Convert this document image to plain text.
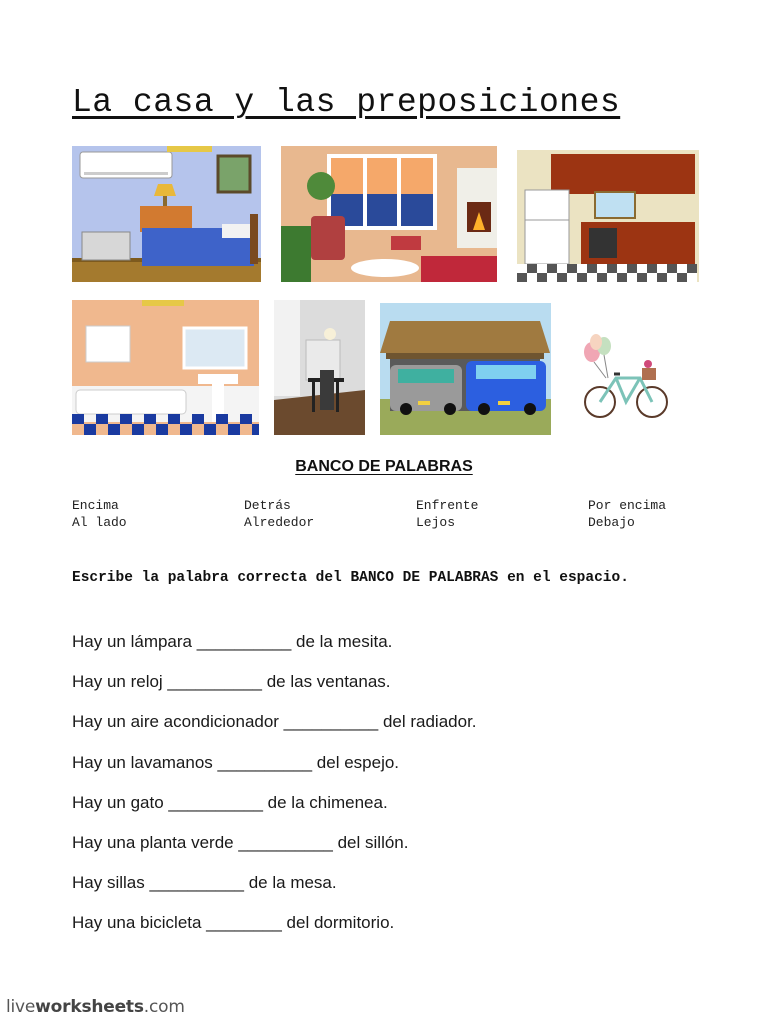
La casa y las preposiciones
BANCO DE PALABRAS
Encima	Detrás	Enfrente	Por encima
Al lado	Alrededor	Lejos	Debajo

Escribe la palabra correcta del BANCO DE PALABRAS en el espacio.

Hay un lámpara __________ de la mesita.
Hay un reloj __________ de las ventanas.
Hay un aire acondicionador __________ del radiador.
Hay un lavamanos __________ del espejo.
Hay un gato __________ de la chimenea.
Hay una planta verde __________ del sillón.
Hay sillas __________ de la mesa.
Hay una bicicleta ________ del dormitorio.
liveworksheets.com
